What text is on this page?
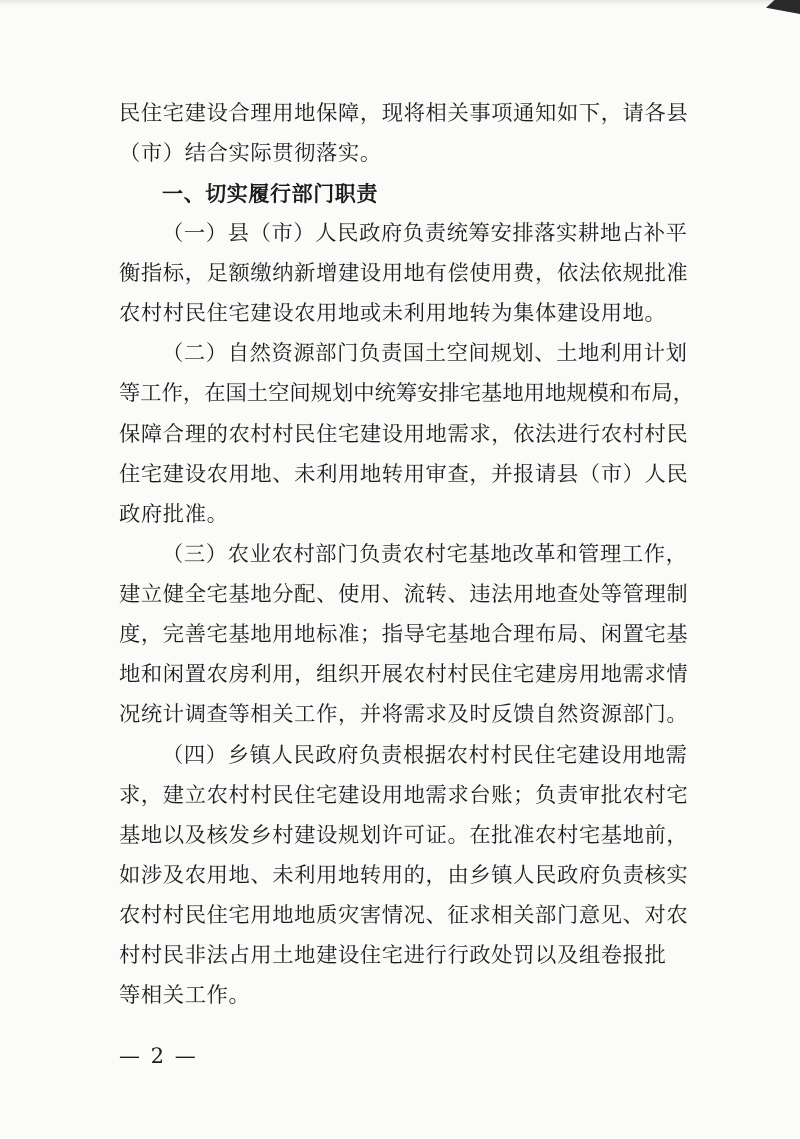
民住宅建设合理用地保障，现将相关事项通知如下，请各县
（市）结合实际贯彻落实。
一、切实履行部门职责
（一）县（市）人民政府负责统筹安排落实耕地占补平
衡指标，足额缴纳新增建设用地有偿使用费，依法依规批准
农村村民住宅建设农用地或未利用地转为集体建设用地。
（二）自然资源部门负责国土空间规划、土地利用计划
等工作，在国土空间规划中统筹安排宅基地用地规模和布局，
保障合理的农村村民住宅建设用地需求，依法进行农村村民
住宅建设农用地、未利用地转用审查，并报请县（市）人民
政府批准。
（三）农业农村部门负责农村宅基地改革和管理工作，
建立健全宅基地分配、使用、流转、违法用地查处等管理制
度，完善宅基地用地标准；指导宅基地合理布局、闲置宅基
地和闲置农房利用，组织开展农村村民住宅建房用地需求情
况统计调查等相关工作，并将需求及时反馈自然资源部门。
（四）乡镇人民政府负责根据农村村民住宅建设用地需
求，建立农村村民住宅建设用地需求台账；负责审批农村宅
基地以及核发乡村建设规划许可证。在批准农村宅基地前，
如涉及农用地、未利用地转用的，由乡镇人民政府负责核实
农村村民住宅用地地质灾害情况、征求相关部门意见、对农
村村民非法占用土地建设住宅进行行政处罚以及组卷报批
等相关工作。
— 2 —
